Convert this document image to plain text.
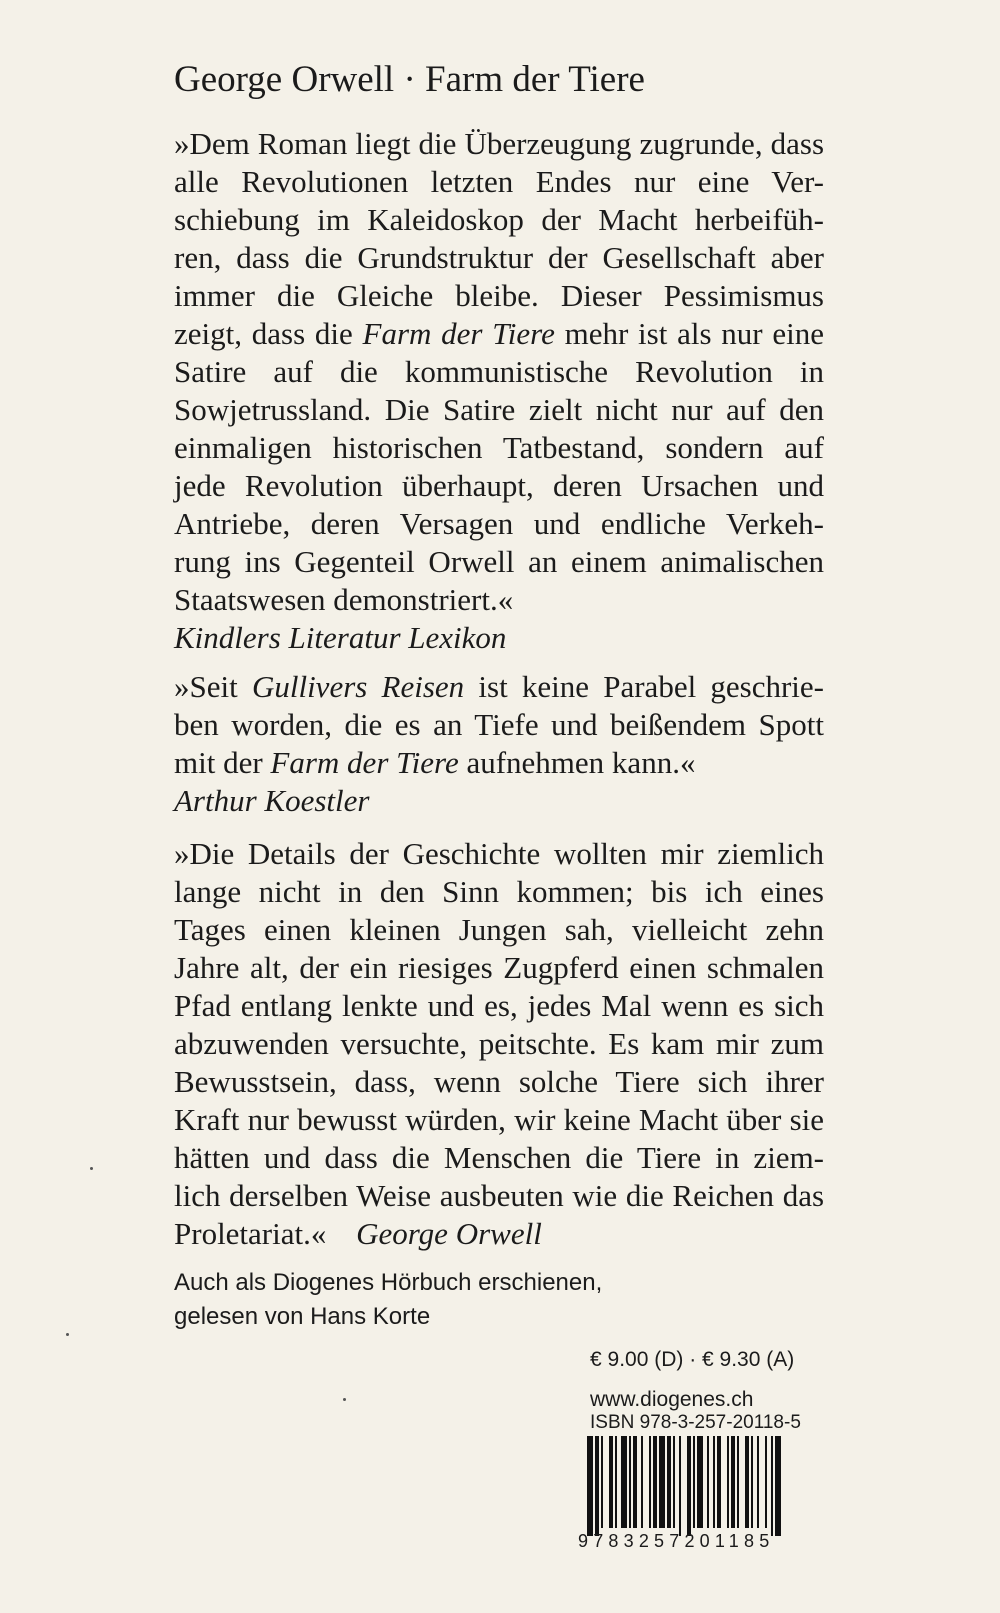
George Orwell · Farm der Tiere

»Dem Roman liegt die Überzeugung zugrunde, dass alle Revolutionen letzten Endes nur eine Ver- schiebung im Kaleidoskop der Macht herbeifüh- ren, dass die Grundstruktur der Gesellschaft aber immer die Gleiche bleibe. Dieser Pessimismus zeigt, dass die Farm der Tiere mehr ist als nur eine Satire auf die kommunistische Revolution in Sowjetrussland. Die Satire zielt nicht nur auf den einmaligen historischen Tatbestand, sondern auf jede Revolution überhaupt, deren Ursachen und Antriebe, deren Versagen und endliche Verkeh- rung ins Gegenteil Orwell an einem animalischen Staatswesen demonstriert.«

Kindlers Literatur Lexikon

»Seit Gullivers Reisen ist keine Parabel geschrie- ben worden, die es an Tiefe und beißendem Spott mit der Farm der Tiere aufnehmen kann.«

Arthur Koestler

»Die Details der Geschichte wollten mir ziemlich lange nicht in den Sinn kommen; bis ich eines Tages einen kleinen Jungen sah, vielleicht zehn Jahre alt, der ein riesiges Zugpferd einen schmalen Pfad entlang lenkte und es, jedes Mal wenn es sich abzuwenden versuchte, peitschte. Es kam mir zum Bewusstsein, dass, wenn solche Tiere sich ihrer Kraft nur bewusst würden, wir keine Macht über sie hätten und dass die Menschen die Tiere in ziem- lich derselben Weise ausbeuten wie die Reichen das Proletariat.« George Orwell

Auch als Diogenes Hörbuch erschienen,
gelesen von Hans Korte
€ 9.00 (D) · € 9.30 (A)
www.diogenes.ch
ISBN 978-3-257-20118-5
9783257201185
